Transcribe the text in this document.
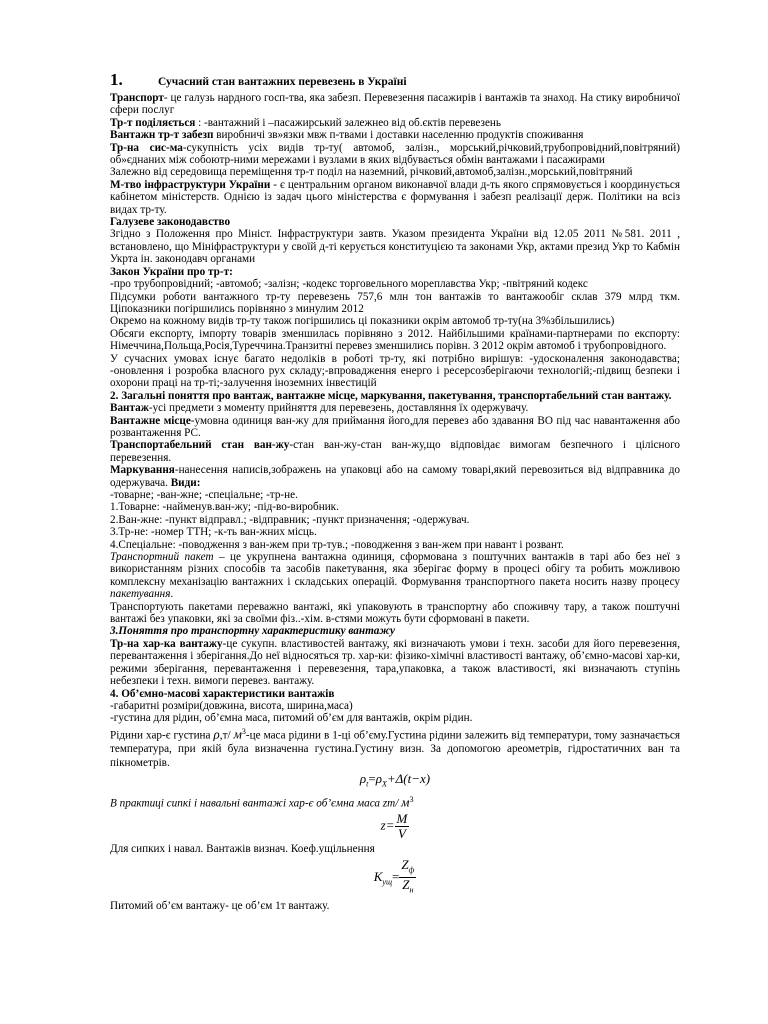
1.	Сучасний стан вантажних перевезень в Україні

Транспорт- це галузь нардного госп-тва, яка забезп. Перевезення пасажирів і вантажів та знаход. На стику виробничої сфери послуг

Тр-т поділяється : -вантажний і –пасажирський залежнео від об.єктів перевезень

Вантажн тр-т забезп виробничі зв»язки мвж п-твами і доставки населенню продуктів споживання

Тр-на сис-ма-сукупність усіх видів тр-ту( автомоб, залізн., морський,річковий,трубопровідний,повітряний) об»єднаних між собоютр-ними мережами і вузлами в яких відбувається обмін вантажами і пасажирами

Залежно від середовища переміщення тр-т поділ на наземний, річковий,автомоб,залізн.,морський,повітряний

М-тво інфраструктури України - є центральним органом виконавчої влади д-ть якого спрямовується і координується кабінетом міністерств. Однією із задач цього міністерства є формування і забезп реалізації держ. Політики на всіз видах тр-ту.

Галузеве законодавство

Згідно з Положення про Мініст. Інфраструктури завтв. Указом президента України від 12.05 2011 №581. 2011 , встановлено, що Мініфраструктури у своїй д-ті керується конституцією та законами Укр, актами презид Укр то Кабмін Укрта ін. законодавч органами

Закон України про тр-т:

-про трубопровідний; -автомоб; -залізн; -кодекс торговельного мореплавства Укр; -пвітряний кодекс

Підсумки роботи вантажного тр-ту перевезень 757,6 млн тон вантажів то вантажообіг склав 379 млрд ткм. Ціпоказники погіршились порівняно з минулим 2012

Окремо на кожному видів тр-ту також погіршились ці показники окрім автомоб тр-ту(на 3%збільшились)

Обсяги експорту, імпорту товарів зменшилась порівняно з 2012. Найбільшими країнами-партнерами по експорту: Німеччина,Польща,Росія,Туреччина.Транзитні перевез зменшились порівн. З 2012 окрім автомоб і трубопровідного.

У сучасних умовах існує багато недоліків в роботі тр-ту, які потрібно вирішув: -удосконалення законодавства; -оновлення і розробка власного рух складу;-впровадження енерго і ресерсозберігаючи технологій;-підвищ безпеки і охорони праці на тр-ті;-залучення іноземних інвестицій

2. Загальні поняття про вантаж, вантажне місце, маркування, пакетування, транспортабельний стан вантажу.

Вантаж-усі предмети з моменту прийняття для перевезень, доставляння їх одержувачу.

Вантажне місце-умовна одиниця ван-жу для приймання його,для перевез або здавання ВО під час навантаження або розвантаження РС.

Транспортабельний стан ван-жу-стан ван-жу-стан ван-жу,що відповідає вимогам безпечного і цілісного перевезення.

Маркування-нанесення написів,зображень на упаковці або на самому товарі,який перевозиться від відправника до одержувача. Види:

-товарне; -ван-жне; -спеціальне; -тр-не.

1.Товарне: -найменув.ван-жу; -під-во-виробник.

2.Ван-жне: -пункт відправл.; -відправник; -пункт призначення; -одержувач.

3.Тр-не: -номер ТТН; -к-ть ван-жних місць.

4.Спеціальне: -поводження з ван-жем при тр-тув.; -поводження з ван-жем при навант і розвант.

Транспортний пакет – це укрупнена вантажна одиниця, сформована з поштучних вантажів в тарі або без неї з використанням різних способів та засобів пакетування, яка зберігає форму в процесі обігу та робить можливою комплексну механізацію вантажних і складських операцій. Формування транспортного пакета носить назву процесу пакетування.

Транспортують пакетами переважно вантажі, які упаковують в транспортну або споживчу тару, а також поштучні вантажі без упаковки, які за своїми фіз..-хім. в-стями можуть бути сформовані в пакети.

3.Поняття про транспортну характеристику вантажу

Тр-на хар-ка вантажу-це сукупн. властивостей вантажу, які визначають умови і техн. засоби для його перевезення, перевантаження і зберігання.До неї відносяться тр. хар-ки: фізико-хімічні властивості вантажу, об’ємно-масові хар-ки, режими зберігання, перевантаження і перевезення, тара,упаковка, а також властивості, які визначають ступінь небезпеки і техн. вимоги перевез. вантажу.

4. Об’ємно-масові характеристики вантажів

-габаритні розміри(довжина, висота, ширина,маса)

-густина для рідин, об’ємна маса, питомий об’єм для вантажів, окрім рідин.

Рідини хар-є густина ρ,т/ $м^3-це$ маса рідини в 1-ці об’єму.Густина рідини залежить від температури, тому зазначається температура, при якій була визначенна густина.Густину визн. За допомогою ареометрів, гідростатичних ван та пікнометрів.

$\rho_t=\rho_X+\Delta(t-x)$

В практиці сипкі і навальні вантажі хар-є об’ємна маса zт/ $м^3$

$z= \frac{M}{V}$

Для сипких і навал. Вантажів визнач. Коеф.ущільнення

$K_{ущ}= \frac{Z_ф}{Z_н}$

Питомий об’єм вантажу- це об’єм 1т вантажу.
